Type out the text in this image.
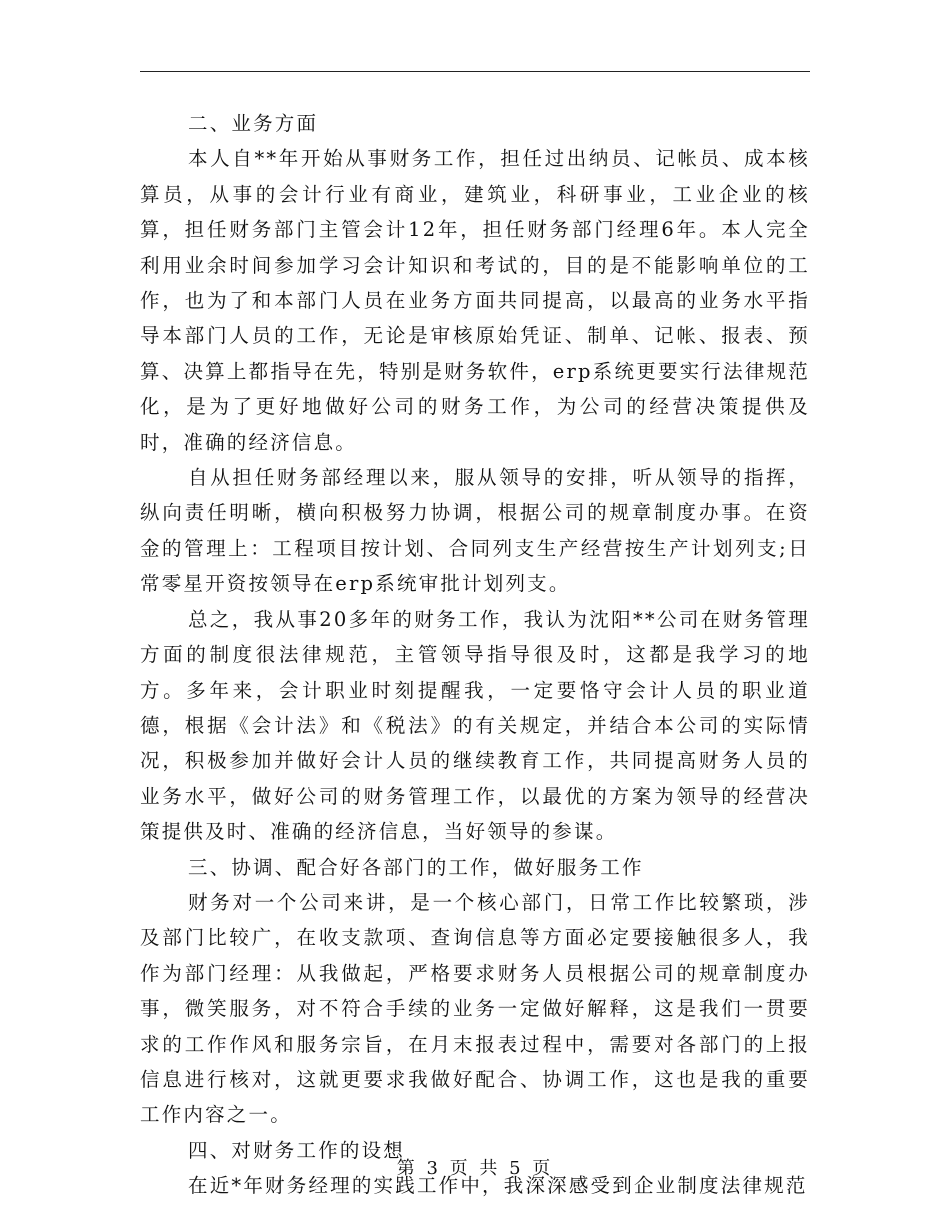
二、业务方面

本人自**年开始从事财务工作，担任过出纳员、记帐员、成本核算员，从事的会计行业有商业，建筑业，科研事业，工业企业的核算，担任财务部门主管会计12年，担任财务部门经理6年。本人完全利用业余时间参加学习会计知识和考试的，目的是不能影响单位的工作，也为了和本部门人员在业务方面共同提高，以最高的业务水平指导本部门人员的工作，无论是审核原始凭证、制单、记帐、报表、预算、决算上都指导在先，特别是财务软件，erp系统更要实行法律规范化，是为了更好地做好公司的财务工作，为公司的经营决策提供及时，准确的经济信息。

自从担任财务部经理以来，服从领导的安排，听从领导的指挥，纵向责任明晰，横向积极努力协调，根据公司的规章制度办事。在资金的管理上：工程项目按计划、合同列支生产经营按生产计划列支;日常零星开资按领导在erp系统审批计划列支。

总之，我从事20多年的财务工作，我认为沈阳**公司在财务管理方面的制度很法律规范，主管领导指导很及时，这都是我学习的地方。多年来，会计职业时刻提醒我，一定要恪守会计人员的职业道德，根据《会计法》和《税法》的有关规定，并结合本公司的实际情况，积极参加并做好会计人员的继续教育工作，共同提高财务人员的业务水平，做好公司的财务管理工作，以最优的方案为领导的经营决策提供及时、准确的经济信息，当好领导的参谋。

三、协调、配合好各部门的工作，做好服务工作

财务对一个公司来讲，是一个核心部门，日常工作比较繁琐，涉及部门比较广，在收支款项、查询信息等方面必定要接触很多人，我作为部门经理：从我做起，严格要求财务人员根据公司的规章制度办事，微笑服务，对不符合手续的业务一定做好解释，这是我们一贯要求的工作作风和服务宗旨，在月末报表过程中，需要对各部门的上报信息进行核对，这就更要求我做好配合、协调工作，这也是我的重要工作内容之一。

四、对财务工作的设想

在近*年财务经理的实践工作中，我深深感受到企业制度法律规范

第 3 页 共 5 页
